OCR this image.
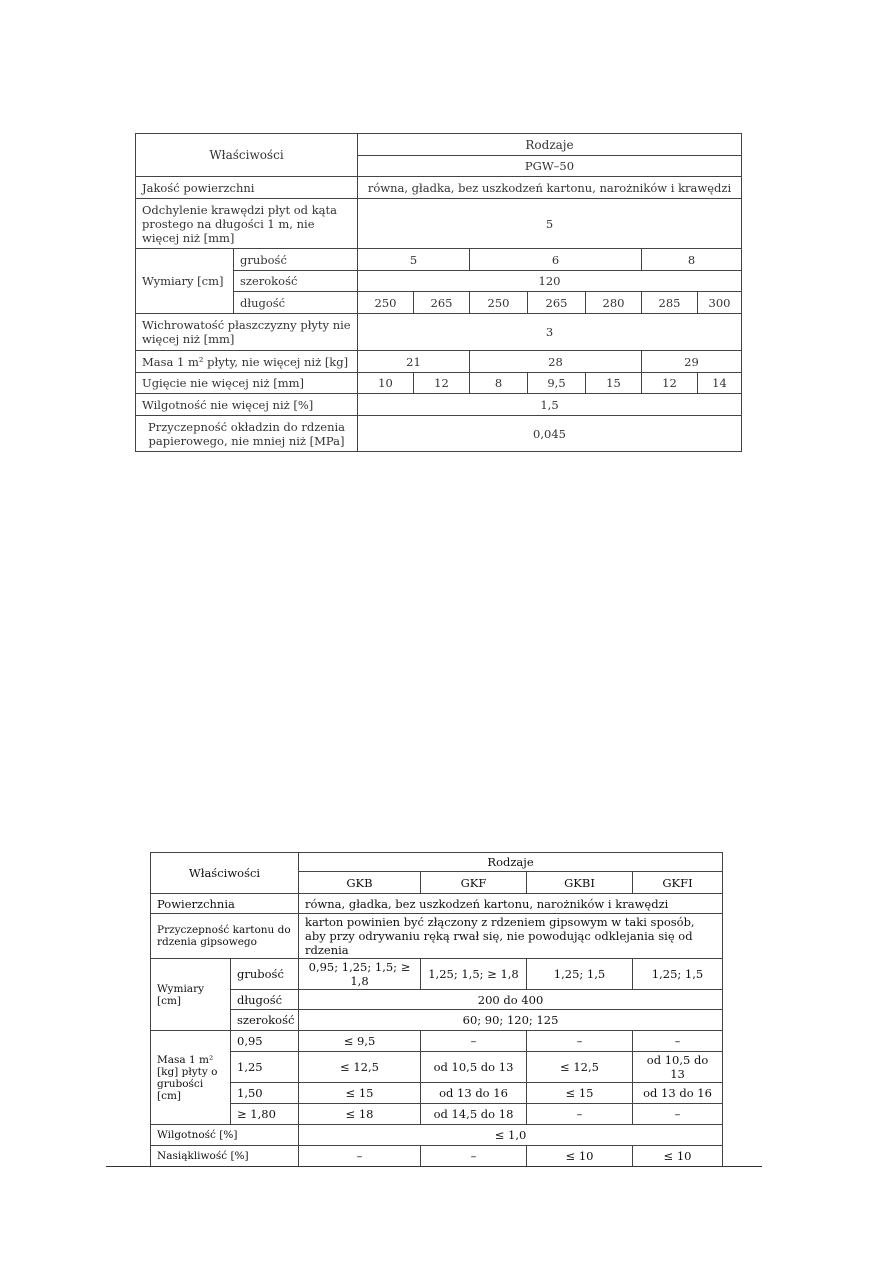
Właściwości		Rodzaje						
		PGW–50						
Jakość powierzchni		równa, gładka, bez uszkodzeń kartonu, narożników i krawędzi						
Odchylenie krawędzi płyt od kąta prostego na długości 1 m, nie więcej niż [mm]		5						
Wymiary [cm]	grubość	5		6			8	
	szerokość	120						
	długość	250	265	250	265	280	285	300
Wichrowatość płaszczyzny płyty nie więcej niż [mm]		3						
Masa 1 m² płyty, nie więcej niż [kg]		21		28			29	
Ugięcie nie więcej niż [mm]		10	12	8	9,5	15	12	14
Wilgotność nie więcej niż [%]		1,5						
Przyczepność okładzin do rdzenia papierowego, nie mniej niż [MPa]		0,045						
Właściwości		Rodzaje			
		GKB	GKF	GKBI	GKFI
Powierzchnia		równa, gładka, bez uszkodzeń kartonu, narożników i krawędzi			
Przyczepność kartonu do rdzenia gipsowego		karton powinien być złączony z rdzeniem gipsowym w taki sposób, aby przy odrywaniu ręką rwał się, nie powodując odklejania się od rdzenia			
Wymiary [cm]	grubość	0,95; 1,25; 1,5; ≥ 1,8	1,25; 1,5; ≥ 1,8	1,25; 1,5	1,25; 1,5
	długość	200 do 400			
	szerokość	60; 90; 120; 125			
Masa 1 m² [kg] płyty o grubości [cm]	0,95	≤ 9,5	–	–	–
	1,25	≤ 12,5	od 10,5 do 13	≤ 12,5	od 10,5 do 13
	1,50	≤ 15	od 13 do 16	≤ 15	od 13 do 16
	≥ 1,80	≤ 18	od 14,5 do 18	–	–
Wilgotność [%]		≤ 1,0			
Nasiąkliwość [%]		–	–	≤ 10	≤ 10
